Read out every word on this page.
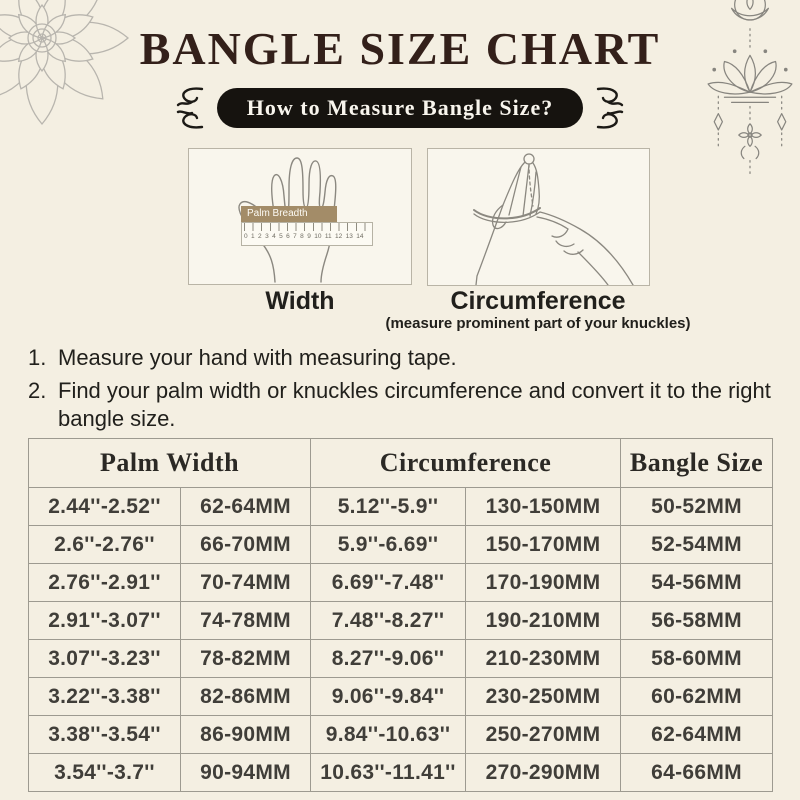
BANGLE SIZE CHART
How to Measure Bangle Size?
Palm Breadth
0 1 2 3 4 5 6 7 8 9 10 11 12 13 14
Width	Circumference
(measure prominent part of your knuckles)
1. Measure your hand with measuring tape.
2. Find your palm width or knuckles circumference and convert it to the right bangle size.
Palm Width		Circumference		Bangle Size
2.44''-2.52''	62-64MM	5.12''-5.9''	130-150MM	50-52MM
2.6''-2.76''	66-70MM	5.9''-6.69''	150-170MM	52-54MM
2.76''-2.91''	70-74MM	6.69''-7.48''	170-190MM	54-56MM
2.91''-3.07''	74-78MM	7.48''-8.27''	190-210MM	56-58MM
3.07''-3.23''	78-82MM	8.27''-9.06''	210-230MM	58-60MM
3.22''-3.38''	82-86MM	9.06''-9.84''	230-250MM	60-62MM
3.38''-3.54''	86-90MM	9.84''-10.63''	250-270MM	62-64MM
3.54''-3.7''	90-94MM	10.63''-11.41''	270-290MM	64-66MM
